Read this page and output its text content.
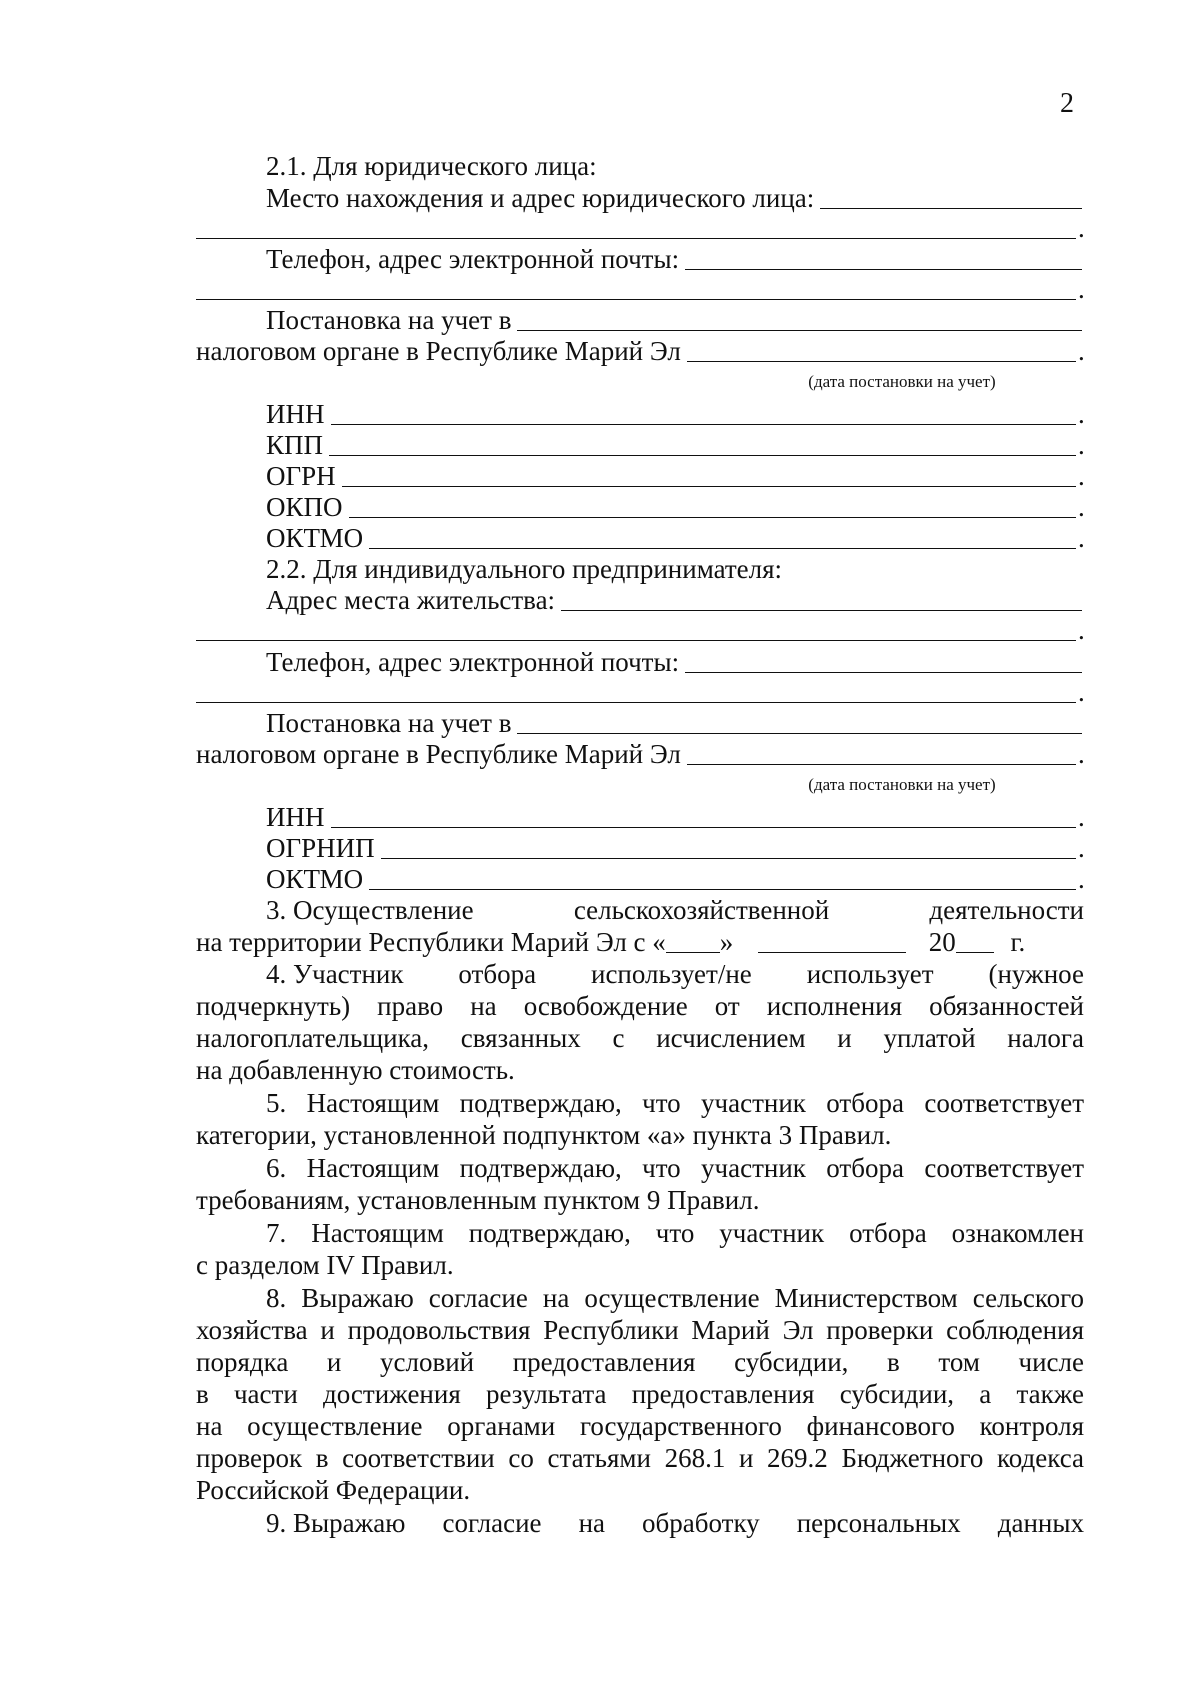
2
2.1. Для юридического лица:
Место нахождения и адрес юридического лица:
.
Телефон, адрес электронной почты:
.
Постановка на учет в
налоговом органе в Республике Марий Эл	.
(дата постановки на учет)
ИНН	.
КПП	.
ОГРН	.
ОКПО	.
ОКТМО	.
2.2. Для индивидуального предпринимателя:
Адрес места жительства:
.
Телефон, адрес электронной почты:
.
Постановка на учет в
налоговом органе в Республике Марий Эл	.
(дата постановки на учет)
ИНН	.
ОГРНИП	.
ОКТМО	.
3. Осуществление	сельскохозяйственной	деятельности
на территории Республики Марий Эл с « »	20 г.
4. Участник отбора использует/не использует (нужное
подчеркнуть) право на освобождение от исполнения обязанностей
налогоплательщика, связанных с исчислением и уплатой налога
на добавленную стоимость.
5. Настоящим подтверждаю, что участник отбора соответствует
категории, установленной подпунктом «а» пункта 3 Правил.
6. Настоящим подтверждаю, что участник отбора соответствует
требованиям, установленным пунктом 9 Правил.
7. Настоящим подтверждаю, что участник отбора ознакомлен
с разделом IV Правил.
8. Выражаю согласие на осуществление Министерством сельского
хозяйства и продовольствия Республики Марий Эл проверки соблюдения
порядка и условий предоставления субсидии, в том числе
в части достижения результата предоставления субсидии, а также
на осуществление органами государственного финансового контроля
проверок в соответствии со статьями 268.1 и 269.2 Бюджетного кодекса
Российской Федерации.
9. Выражаю согласие на обработку персональных данных
